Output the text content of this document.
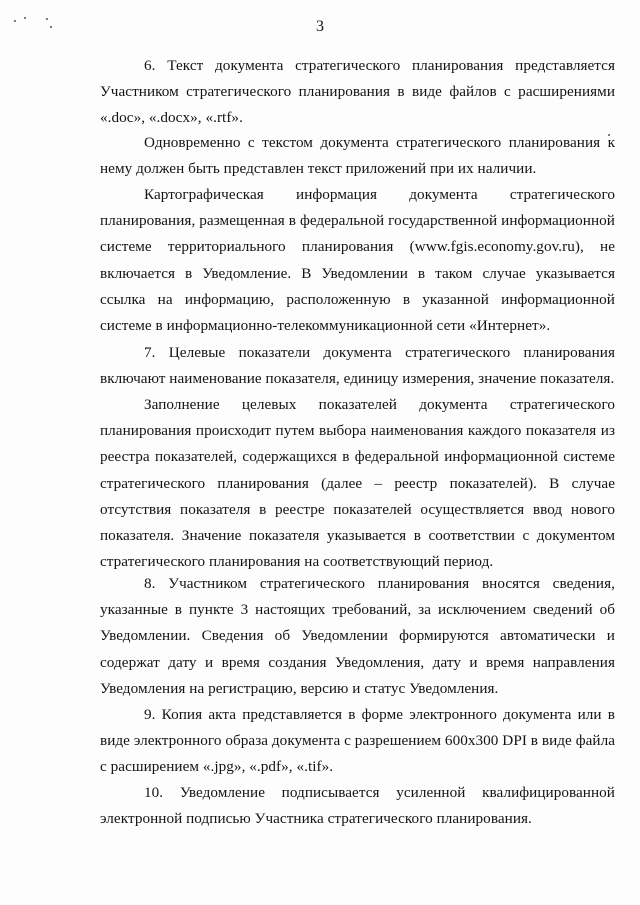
3

6. Текст документа стратегического планирования представляется Участником стратегического планирования в виде файлов с расширениями «.doc», «.docx», «.rtf».

Одновременно с текстом документа стратегического планирования к нему должен быть представлен текст приложений при их наличии.

Картографическая информация документа стратегического планирования, размещенная в федеральной государственной информационной системе территориального планирования (www.fgis.economy.gov.ru), не включается в Уведомление. В Уведомлении в таком случае указывается ссылка на информацию, расположенную в указанной информационной системе в информационно-телекоммуникационной сети «Интернет».

7. Целевые показатели документа стратегического планирования включают наименование показателя, единицу измерения, значение показателя.

Заполнение целевых показателей документа стратегического планирования происходит путем выбора наименования каждого показателя из реестра показателей, содержащихся в федеральной информационной системе стратегического планирования (далее – реестр показателей). В случае отсутствия показателя в реестре показателей осуществляется ввод нового показателя. Значение показателя указывается в соответствии с документом стратегического планирования на соответствующий период.

8. Участником стратегического планирования вносятся сведения, указанные в пункте 3 настоящих требований, за исключением сведений об Уведомлении. Сведения об Уведомлении формируются автоматически и содержат дату и время создания Уведомления, дату и время направления Уведомления на регистрацию, версию и статус Уведомления.

9. Копия акта представляется в форме электронного документа или в виде электронного образа документа с разрешением 600х300 DPI в виде файла с расширением «.jpg», «.pdf», «.tif».

10. Уведомление подписывается усиленной квалифицированной электронной подписью Участника стратегического планирования.
